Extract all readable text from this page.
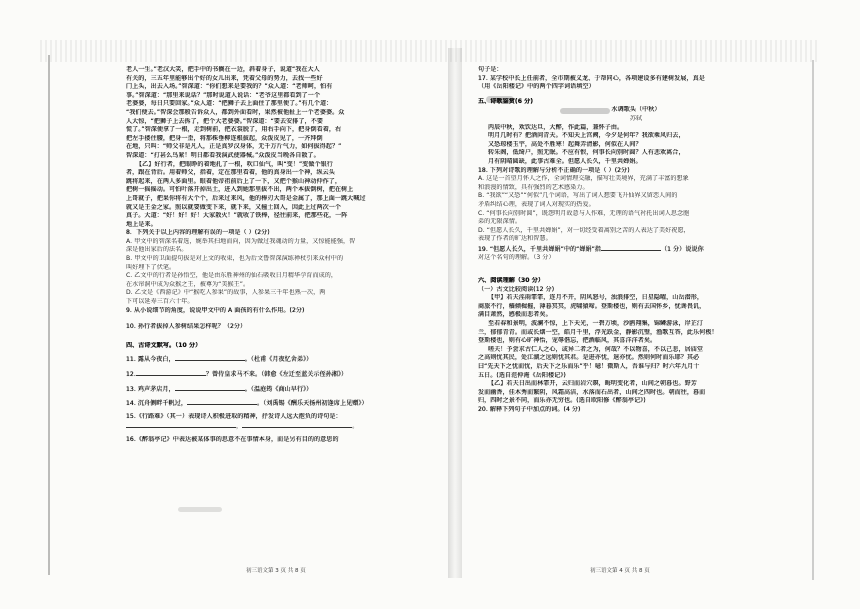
老人一生。”老汉大笑，把手中的书搁在一边，斜着身子，说道“我在大人

有关的，三五年里能够出个好的女儿出来，凭着父母的势力，去找一些好

门上头，出去入场。”智深道：“你们想来是要我的？”众人道：“老师呵，怕有

事。”智深道：“那里来说话？”那时说道人说话：“老爷这里都看到了一个

老婆婆，每日只要回家。”众人道：“把狮子去上面住了那里便了。”有几个道：

“我们便去。”智深会那般告诉众人，都到外面看时，果然被他扯上一个老婆婆。众

人大惊，“把狮子上去拆了，把个大老婆婆。”智深道：“要去安排了，不要

慌了。”智深便拿了一根，走到树前，把衣裳脱了，用右手向下，把身倒看着，右

把左手搂住腰，把身一歪，将那株垂柳连根拔起，众泼皮见了，一齐拜倒

在地，只叫：“师父非是凡人，正是真罗汉身体，无千万斤气力，如何拔得起？”

智深道：“打甚么鸟紧！明日都看我演武使器械。”众泼皮当晚各自散了。

【乙】好行者，把眼睁的着地扎了一根，吹口仙气，叫“变！”变做个银行

者，跟在背后。用着师父，指着，定在那里看着，他的真身出一个神，纵云头

跳将起来，在两人多面里。眼着他帝祖前后上了一下，又把个猴山神动仲作了，

把树一摇摇动。可怕叶落开掉出土，进入到她那里拔不出，两个本拔倒树，把在树上

上哥就子，把果你将有大个个，后来过来风，他的棒刃大哥是金属了，那上面一跳大喊过

就又是王金之家。照以就要做变下来，就下来，又撞土回入，因此上过两次一个

真子。大道：“好！好！好！大家散火！”就收了铁棒，径往前来，把那些花，一阵

地上是来。

8．下列关于以上内容的理解有误的一项是（ ）(2分)

A. 甲文中的智深名着选，婉举其扫地而向，因为做过我魂动的力量，又惊能能强，智

深是他出家后的法名。

B. 甲文中的卫面提句拔是对上文的收束，也为后文鲁智深演练禅杖引来众村中的

叫好埋下了伏笔。

C. 乙文中的行者是孙悟空，他是由东胜神州的仙石吸收日月精华孕育而成的，

在水帘洞中成为众猴之王，被尊为“美猴王”。

D. 乙文是《西游记》中“猴吃人参果”的故事，人参果三千年也熟一次，两

下可以延寿三百六十年。

9. 从小说细节的角度，说说甲文中的 A 面孩的有什么作用。(2分)

10. 孙行者拔掉人参树结果怎样呢？（2分）

四、古诗文默写。（10 分）

11. 露从今夜白，	。（杜甫《月夜忆舍弟》）

12.	？曾侍皇求马不来。（韩愈《左迁至蓝关示侄孙湘》）

13. 鸡声茅店月，	。（温庭筠《商山早行》）

14. 沉舟侧畔千帆过，	。（刘禹锡《酬乐天扬州初逢席上见赠》）

15.《行路难》（其一）表现诗人积极进取的精神，抒发诗人远大抱负的诗句是：

，	。

16.《醉翁亭记》中表达被某体事的思意不在事情本身，而是另有目的的意思的

初三语文第 3 页 共 8 页

句子是：

17. 某学校中长上任前者，全市期被义龙、于帮同心，各项建设多有建树发展，真是

（用《岳阳楼记》中的两个四字词语填空）

五、诗歌鉴赏(6 分)

水调歌头（中秋）

苏轼

丙辰中秋，欢饮达旦，大醉，作此篇，兼怀子由。

明月几时有？把酒问青天。不知天上宫阙，今夕是何年？我欲乘风归去，

又恐琼楼玉宇，高处不胜寒！起舞弄清影，何似在人间？

转朱阁，低绮户，照无眠。不应有恨，何事长向别时圆？人有悲欢离合，

月有阴晴圆缺，此事古难全。但愿人长久，千里共婵娟。

18. 下列对诗歌的理解与分析不正确的一项是（ ）(2分)

A. 这是一首望月怀人之作，全词情理交融，描写壮美境界，充满了丰富的想象

和浪漫的情致，具有强烈的艺术感染力。

B. “我欲”“又恐”“何似”几个词语，写出了词人想要飞升仙界又留恋人间的

矛盾纠结心理，表现了词人对现实的热爱。

C. “何事长向别时圆”，既怨明月故意与人作难，无理的语气衬托出词人思念胞

弟的无限深情。

D. “但愿人长久，千里共婵娟”，对一切经受着离别之苦的人表达了美好祝愿，

表现了作者的旷达和智慧。

19. “但愿人长久，千里共婵娟”中的“婵娟”指	（1 分）说说你

对这个名句的理解。（3 分）

六、阅读理解（30 分）

（一）古文比较阅读(12 分)

【甲】若夫淫雨霏霏，连月不开，阴风怒号，浊浪排空，日星隐曜，山岳潜形，

商旅不行，樯倾楫摧，薄暮冥冥，虎啸猿啼。登斯楼也，则有去国怀乡，忧谗畏讥，

满目萧然，感极而悲者矣。

至若春和景明，波澜不惊，上下天光，一碧万顷，沙鸥翔集，锦鳞游泳，岸芷汀

兰，郁郁青青。而或长烟一空，皓月千里，浮光跃金，静影沉璧，渔歌互答，此乐何极！

登斯楼也，则有心旷神怡，宠辱偕忘，把酒临风，其喜洋洋者矣。

嗟夫！予尝求古仁人之心，或异二者之为，何哉？不以物喜，不以己悲，居庙堂

之高则忧其民，处江湖之远则忧其君。是进亦忧，退亦忧。然则何时而乐耶？其必

曰“先天下之忧而忧，后天下之乐而乐”乎！噫！微斯人，吾谁与归？时六年九月十

五日。(选自范仲淹《岳阳楼记》)

【乙】若夫日出而林霏开，云归而岩穴暝，晦明变化者，山间之朝暮也。野芳

发而幽香，佳木秀而繁阴，风霜高洁，水落而石出者，山间之四时也。朝而往，暮而

归，四时之景不同，而乐亦无穷也。(选自欧阳修《醉翁亭记》)

20. 解释下列句子中加点的词。(4 分)

初三语文第 4 页 共 8 页
